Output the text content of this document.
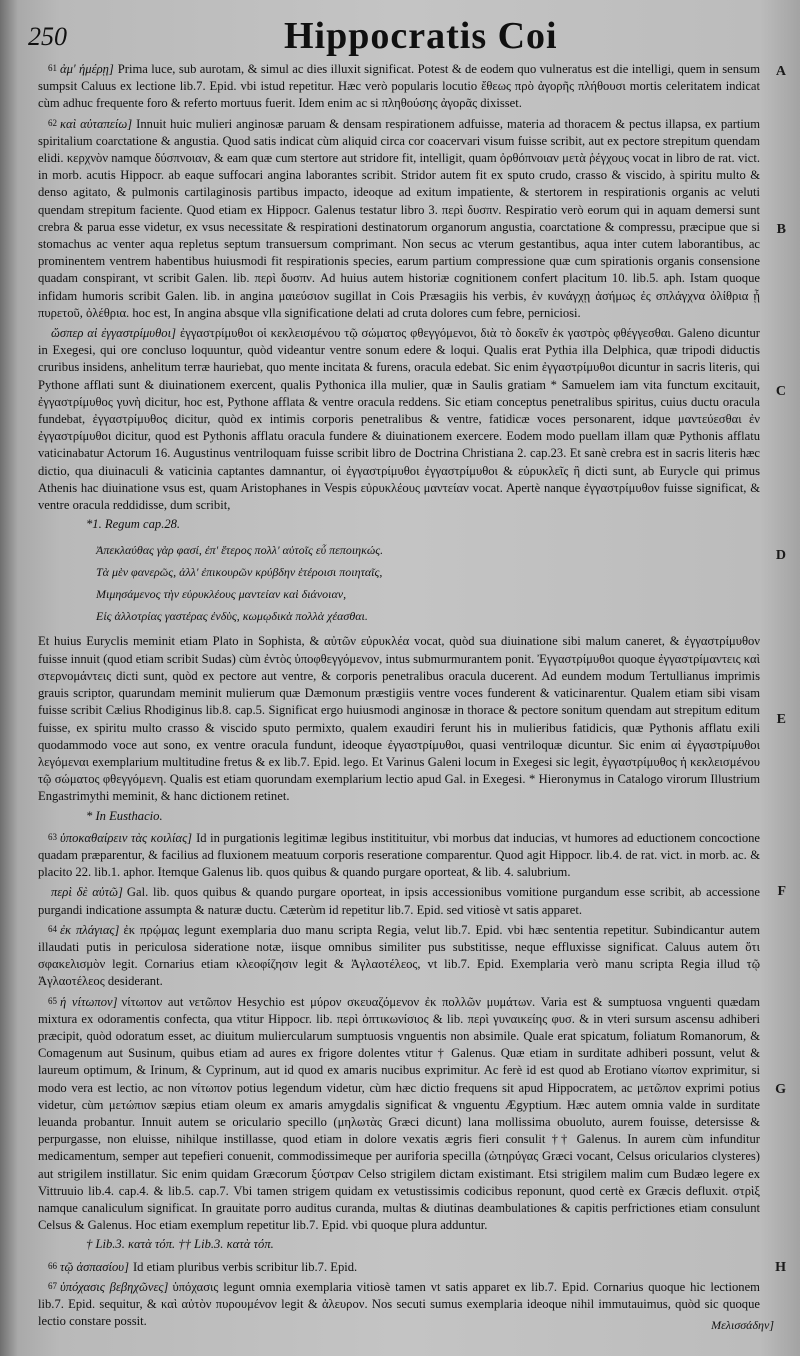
250	Hippocratis Coi
A
B
C
D
E
F
G
H

61 ἀμ' ἡμέρῃ] Prima luce, sub aurotam, & simul ac dies illuxit significat. Potest & de eodem quo vulneratus est die intelligi, quem in sensum sumpsit Caluus ex lectione lib.7. Epid. vbi istud repetitur. Hæc verò popularis locutio ἔθεως πρὸ ἀγορῆς πλήθουσι mortis celeritatem indicat cùm adhuc frequente foro & referto mortuus fuerit. Idem enim ac si πληθούσης ἀγορᾶς dixisset.

62 καὶ αὐταπείω] Innuit huic mulieri anginosæ paruam & densam respirationem adfuisse, materia ad thoracem & pectus illapsa, ex partium spiritalium coarctatione & angustia. Quod satis indicat cùm aliquid circa cor coacervari visum fuisse scribit, aut ex pectore strepitum quendam elidi. κερχνὸν namque δύσπνοιαν, & eam quæ cum stertore aut stridore fit, intelligit, quam ὀρθόπνοιαν μετὰ ῥέγχους vocat in libro de rat. vict. in morb. acutis Hippocr. ab eaque suffocari angina laborantes scribit. Stridor autem fit ex sputo crudo, crasso & viscido, à spiritu multo & denso agitato, & pulmonis cartilaginosis partibus impacto, ideoque ad exitum impatiente, & stertorem in respirationis organis ac veluti quendam strepitum faciente. Quod etiam ex Hippocr. Galenus testatur libro 3. περὶ δυσπν. Respiratio verò eorum qui in aquam demersi sunt crebra & parua esse videtur, ex vsus necessitate & respirationi destinatorum organorum angustia, coarctatione & compressu, præcipue que si stomachus ac venter aqua repletus septum transuersum comprimant. Non secus ac vterum gestantibus, aqua inter cutem laborantibus, ac prominentem ventrem habentibus huiusmodi fit respirationis species, earum partium compressione quæ cum spirationis organis consensione quadam conspirant, vt scribit Galen. lib. περὶ δυσπν. Ad huius autem historiæ cognitionem confert placitum 10. lib.5. aph. Istam quoque infidam humoris scribit Galen. lib. in angina μαιεύσιον sugillat in Cois Præsagiis his verbis, ἐν κυνάγχῃ ἀσήμως ἐς σπλάγχνα ὀλίθρια ᾖ πυρετοῦ, ὀλέθρια. hoc est, In angina absque vlla significatione delati ad cruta dolores cum febre, perniciosi.

ὥσπερ αἱ ἐγγαστρίμυθοι] ἐγγαστρίμυθοι οἱ κεκλεισμένου τῷ σώματος φθεγγόμενοι, διὰ τὸ δοκεῖν ἐκ γαστρὸς φθέγγεσθαι. Galeno dicuntur in Exegesi, qui ore concluso loquuntur, quòd videantur ventre sonum edere & loqui. Qualis erat Pythia illa Delphica, quæ tripodi diductis cruribus insidens, anhelitum terræ hauriebat, quo mente incitata & furens, oracula edebat. Sic enim ἐγγαστρίμυθοι dicuntur in sacris literis, qui Pythone afflati sunt & diuinationem exercent, qualis Pythonica illa mulier, quæ in Saulis gratiam * Samuelem iam vita functum excitauit, ἐγγαστρίμυθος γυνὴ dicitur, hoc est, Pythone afflata & ventre oracula reddens. Sic etiam conceptus penetralibus spiritus, cuius ductu oracula fundebat, ἐγγαστρίμυθος dicitur, quòd ex intimis corporis penetralibus & ventre, fatidicæ voces personarent, idque μαντεύεσθαι ἐν ἐγγαστρίμυθοι dicitur, quod est Pythonis afflatu oracula fundere & diuinationem exercere. Eodem modo puellam illam quæ Pythonis afflatu vaticinabatur Actorum 16. Augustinus ventriloquam fuisse scribit libro de Doctrina Christiana 2. cap.23. Et sanè crebra est in sacris literis hæc dictio, qua diuinaculi & vaticinia captantes damnantur, οἱ ἐγγαστρίμυθοι ἐγγαστρίμυθοι & εὐρυκλεῖς ἢ dicti sunt, ab Eurycle qui primus Athenis hac diuinatione vsus est, quam Aristophanes in Vespis εὐρυκλέους μαντείαν vocat. Apertè nanque ἐγγαστρίμυθον fuisse significat, & ventre oracula reddidisse, dum scribit,

*1. Regum cap.28.
Ἀπεκλαύθας γὰρ φασί, ἐπ' ἕτερος πολλ' αὐτοῖς εὖ πεποιηκώς.
Τὰ μὲν φανερῶς, ἀλλ' ἐπικουρῶν κρύβδην ἑτέροισι ποιηταῖς,
Μιμησάμενος τὴν εὐρυκλέους μαντείαν καὶ διάνοιαν,
Εἰς ἀλλοτρίας γαστέρας ἐνδὺς, κωμῳδικὰ πολλὰ χέασθαι.

Et huius Euryclis meminit etiam Plato in Sophista, & αὐτῶν εὐρυκλέα vocat, quòd sua diuinatione sibi malum caneret, & ἐγγαστρίμυθον fuisse innuit (quod etiam scribit Sudas) cùm ἐντὸς ὑποφθεγγόμενον, intus submurmurantem ponit. Ἐγγαστρίμυθοι quoque ἐγγαστρίμαντεις καὶ στερνομάντεις dicti sunt, quòd ex pectore aut ventre, & corporis penetralibus oracula ducerent. Ad eundem modum Tertullianus imprimis grauis scriptor, quarundam meminit mulierum quæ Dæmonum præstigiis ventre voces funderent & vaticinarentur. Qualem etiam sibi visam fuisse scribit Cælius Rhodiginus lib.8. cap.5. Significat ergo huiusmodi anginosæ in thorace & pectore sonitum quendam aut strepitum editum fuisse, ex spiritu multo crasso & viscido sputo permixto, qualem exaudiri ferunt his in mulieribus fatidicis, quæ Pythonis afflatu exili quodammodo voce aut sono, ex ventre oracula fundunt, ideoque ἐγγαστρίμυθοι, quasi ventriloquæ dicuntur. Sic enim αἱ ἐγγαστρίμυθοι λεγόμεναι exemplarium multitudine fretus & ex lib.7. Epid. lego. Et Varinus Galeni locum in Exegesi sic legit, ἐγγαστρίμυθος ἡ κεκλεισμένου τῷ σώματος φθεγγόμενη. Qualis est etiam quorundam exemplarium lectio apud Gal. in Exegesi. * Hieronymus in Catalogo virorum Illustrium Engastrimythi meminit, & hanc dictionem retinet.

* In Eusthacio.

63 ὑποκαθαίρειν τὰς κοιλίας] Id in purgationis legitimæ legibus institituitur, vbi morbus dat inducias, vt humores ad eductionem concoctione quadam præparentur, & facilius ad fluxionem meatuum corporis reseratione comparentur. Quod agit Hippocr. lib.4. de rat. vict. in morb. ac. & placito 22. lib.1. aphor. Itemque Galenus lib. quos quibus & quando purgare oporteat, & lib. 4. salubrium.

περὶ δὲ αὐτῶ] Gal. lib. quos quibus & quando purgare oporteat, in ipsis accessionibus vomitione purgandum esse scribit, ab accessione purgandi indicatione assumpta & naturæ ductu. Cæterùm id repetitur lib.7. Epid. sed vitiosè vt satis apparet.

64 ἐκ πλάγιας] ἐκ πρῴμας legunt exemplaria duo manu scripta Regia, velut lib.7. Epid. vbi hæc sententia repetitur. Subindicantur autem illaudati putis in periculosa sideratione notæ, iisque omnibus similiter pus substitisse, neque effluxisse significat. Caluus autem ὅτι σφακελισμὸν legit. Cornarius etiam κλεοφίζησιν legit & Ἀγλαοτέλεος, vt lib.7. Epid. Exemplaria verò manu scripta Regia illud τῷ Ἀγλαοτέλεος desiderant.

65 ἡ νίτωπον] νίτωπον aut νετῶπον Hesychio est μύρον σκευαζόμενον ἐκ πολλῶν μυμάτων. Varia est & sumptuosa vnguenti quædam mixtura ex odoramentis confecta, qua vtitur Hippocr. lib. περὶ ὀπτικωνίσιος & lib. περὶ γυναικείης φυσ. & in vteri sursum ascensu adhiberi præcipit, quòd odoratum esset, ac diuitum muliercularum sumptuosis vnguentis non absimile. Quale erat spicatum, foliatum Romanorum, & Comagenum aut Susinum, quibus etiam ad aures ex frigore dolentes vtitur † Galenus. Quæ etiam in surditate adhiberi possunt, velut & laureum optimum, & Irinum, & Cyprinum, aut id quod ex amaris nucibus exprimitur. Ac ferè id est quod ab Erotiano νίωπον exprimitur, si modo vera est lectio, ac non νίτωπον potius legendum videtur, cùm hæc dictio frequens sit apud Hippocratem, ac μετῶπον exprimi potius videtur, cùm μετώπιον sæpius etiam oleum ex amaris amygdalis significat & vnguentu Ægyptium. Hæc autem omnia valde in surditate leuanda probantur. Innuit autem se oriculario specillo (μηλωτὰς Græci dicunt) lana mollissima obuoluto, aurem fouisse, detersisse & perpurgasse, non eluisse, nihilque instillasse, quod etiam in dolore vexatis ægris fieri consulit †† Galenus. In aurem cùm infunditur medicamentum, semper aut tepefieri conuenit, commodissimeque per auriforia specilla (ὠτηρύγας Græci vocant, Celsus oricularios clysteres) aut strigilem instillatur. Sic enim quidam Græcorum ξύστραν Celso strigilem dictam existimant. Etsi strigilem malim cum Budæo legere ex Vittruuio lib.4. cap.4. & lib.5. cap.7. Vbi tamen strigem quidam ex vetustissimis codicibus reponunt, quod certè ex Græcis defluxit. στρὶξ namque canaliculum significat. In grauitate porro auditus curanda, multas & diutinas deambulationes & capitis perfrictiones etiam consulunt Celsus & Galenus. Hoc etiam exemplum repetitur lib.7. Epid. vbi quoque plura adduntur.

† Lib.3. κατὰ τόπ. †† Lib.3. κατὰ τόπ.

66 τῷ ἀσπασίου] Id etiam pluribus verbis scribitur lib.7. Epid.

67 ὑπόχασις βεβηχῶνες] ὑπόχασις legunt omnia exemplaria vitiosè tamen vt satis apparet ex lib.7. Epid. Cornarius quoque hic lectionem lib.7. Epid. sequitur, & καὶ αὐτὸν πυρουμένον legit & ἀλευρον. Nos secuti sumus exemplaria ideoque nihil immutauimus, quòd sic quoque lectio constare possit.	Μελισσάδην]
